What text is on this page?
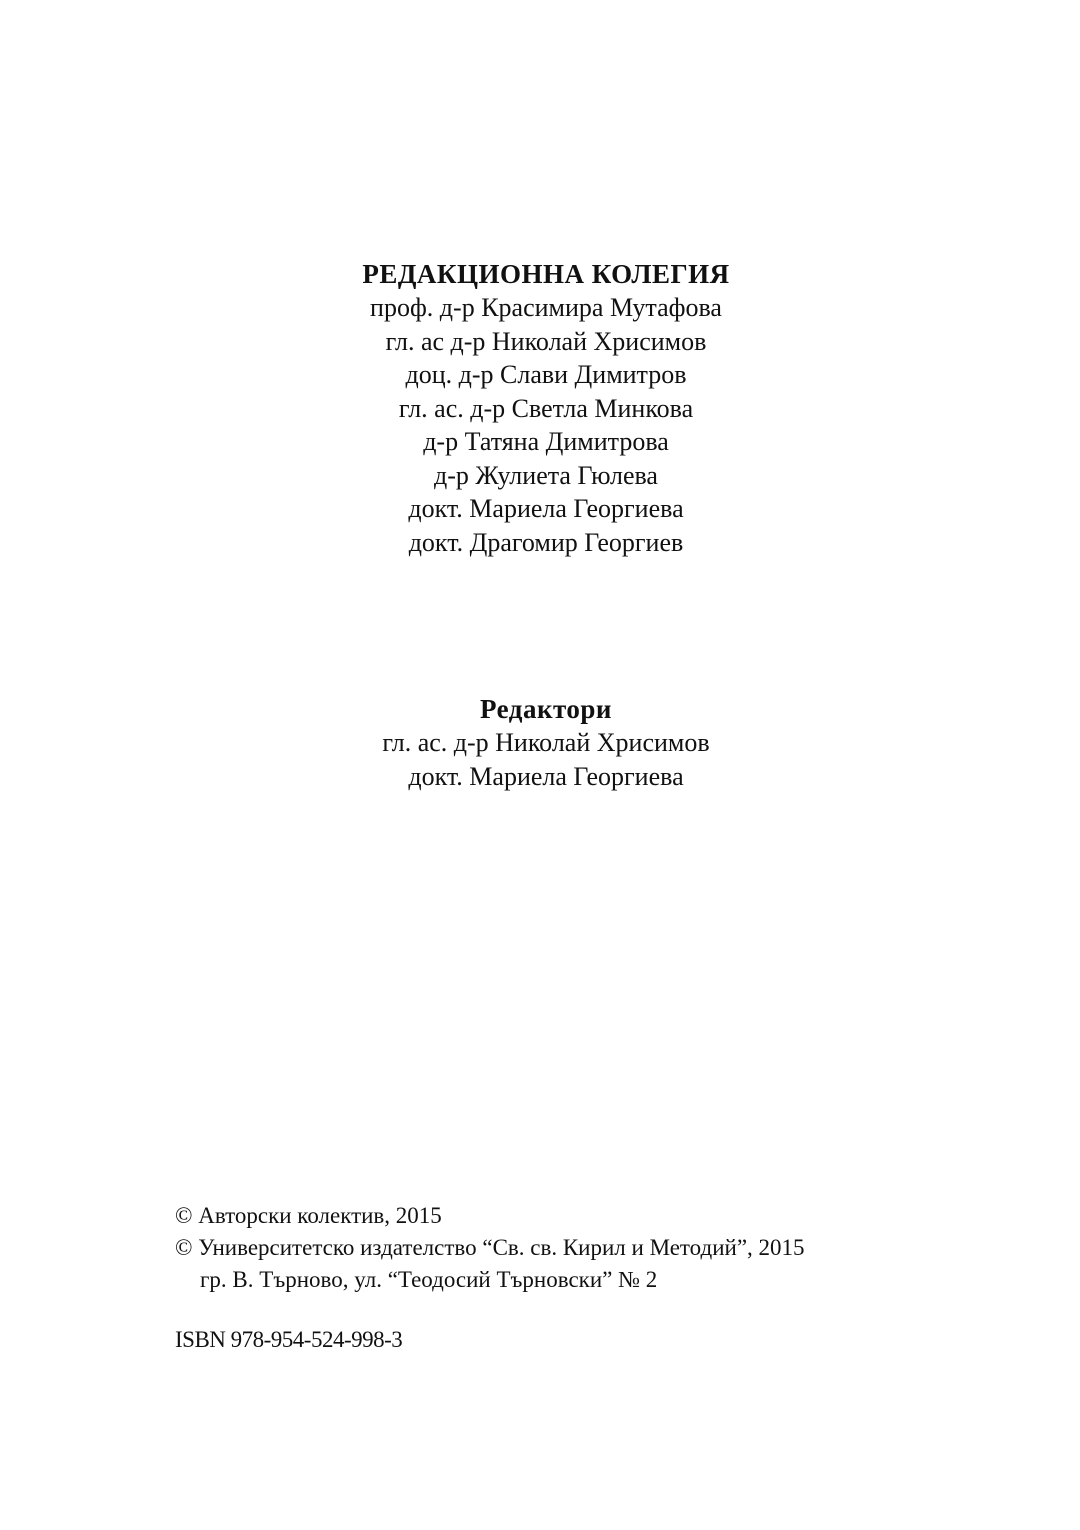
РЕДАКЦИОННА КОЛЕГИЯ

проф. д-р Красимира Мутафова

гл. ас д-р Николай Хрисимов

доц. д-р Слави Димитров

гл. ас. д-р Светла Минкова

д-р Татяна Димитрова

д-р Жулиета Гюлева

докт. Мариела Георгиева

докт. Драгомир Георгиев

Редактори

гл. ас. д-р Николай Хрисимов

докт. Мариела Георгиева

© Авторски колектив, 2015

© Университетско издателство “Св. св. Кирил и Методий”, 2015

гр. В. Търново, ул. “Теодосий Търновски” № 2

ISBN 978-954-524-998-3
